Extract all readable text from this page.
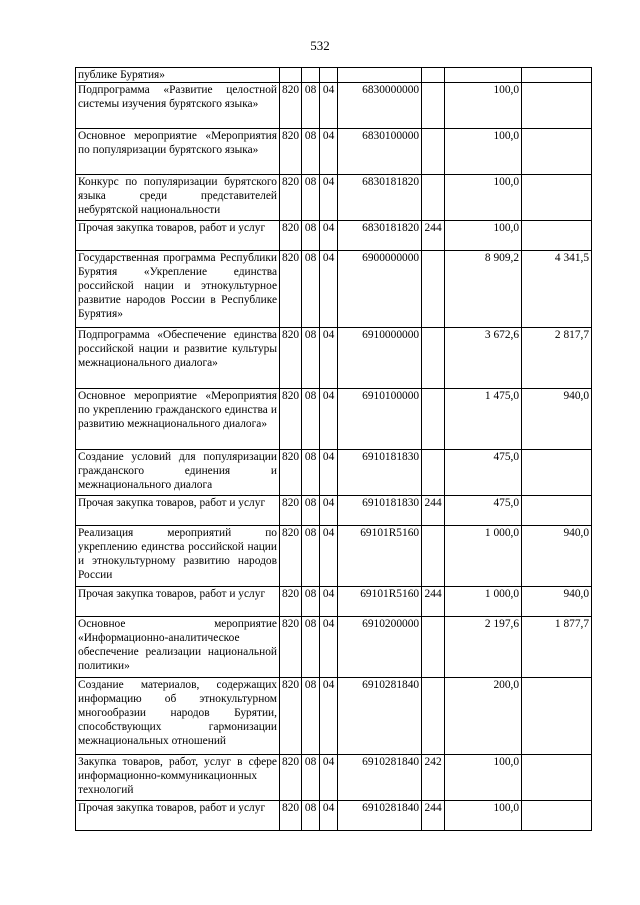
532
публике Бурятия»							
Подпрограмма «Развитие целостной системы изучения бурятского языка»	820	08	04	6830000000		100,0	
Основное мероприятие «Мероприятия по популяризации бурятского языка»	820	08	04	6830100000		100,0	
Конкурс по популяризации бурятского языка среди представителей небурятской национальности	820	08	04	6830181820		100,0	
Прочая закупка товаров, работ и услуг	820	08	04	6830181820	244	100,0	
Государственная программа Республики Бурятия «Укрепление единства российской нации и этнокультурное развитие народов России в Республике Бурятия»	820	08	04	6900000000		8 909,2	4 341,5
Подпрограмма «Обеспечение единства российской нации и развитие культуры межнационального диалога»	820	08	04	6910000000		3 672,6	2 817,7
Основное мероприятие «Мероприятия по укреплению гражданского единства и развитию межнационального диалога»	820	08	04	6910100000		1 475,0	940,0
Создание условий для популяризации гражданского единения и межнационального диалога	820	08	04	6910181830		475,0	
Прочая закупка товаров, работ и услуг	820	08	04	6910181830	244	475,0	
Реализация мероприятий по укреплению единства российской нации и этнокультурному развитию народов России	820	08	04	69101R5160		1 000,0	940,0
Прочая закупка товаров, работ и услуг	820	08	04	69101R5160	244	1 000,0	940,0
Основное мероприятие «Информационно-аналитическое обеспечение реализации национальной политики»	820	08	04	6910200000		2 197,6	1 877,7
Создание материалов, содержащих информацию об этнокультурном многообразии народов Бурятии, способствующих гармонизации межнациональных отношений	820	08	04	6910281840		200,0	
Закупка товаров, работ, услуг в сфере информационно-коммуникационных технологий	820	08	04	6910281840	242	100,0	
Прочая закупка товаров, работ и услуг	820	08	04	6910281840	244	100,0	
